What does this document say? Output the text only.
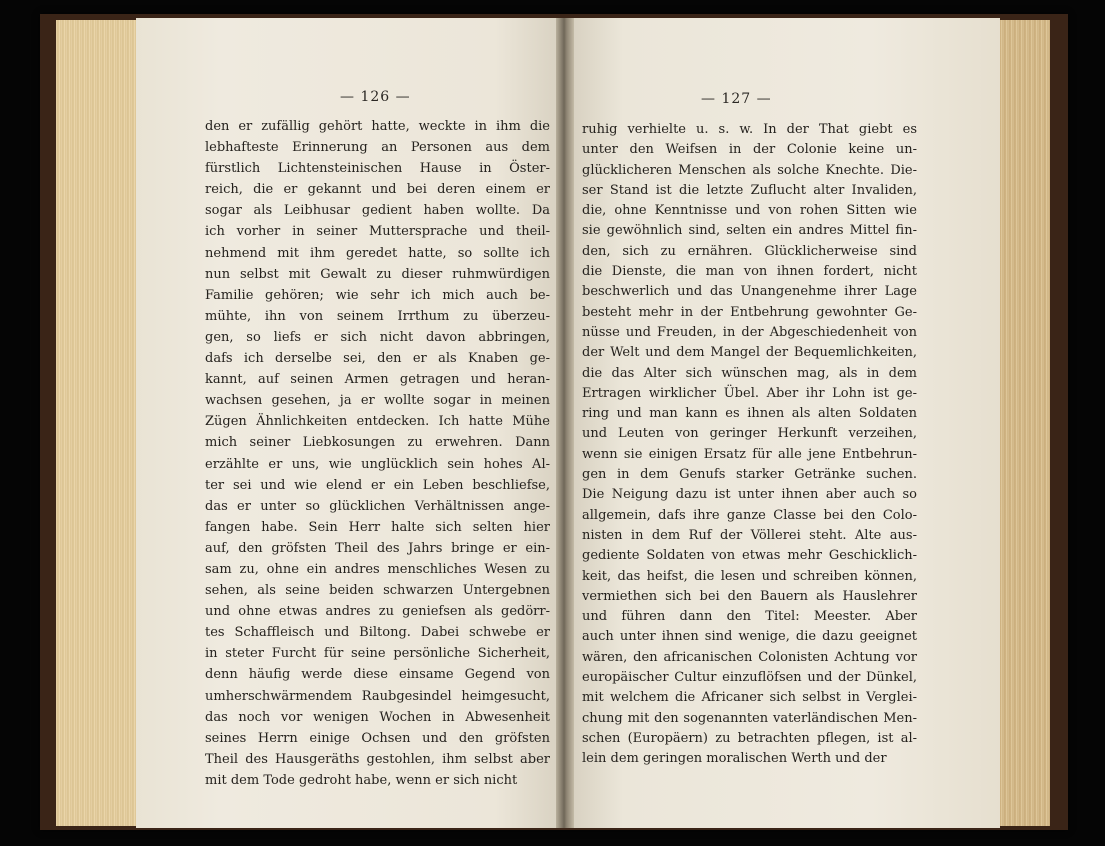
— 126 —	— 127 —
den er zufällig gehört hatte, weckte in ihm die
lebhafteste Erinnerung an Personen aus dem
fürstlich Lichtensteinischen Hause in Öster-
reich, die er gekannt und bei deren einem er
sogar als Leibhusar gedient haben wollte. Da
ich vorher in seiner Muttersprache und theil-
nehmend mit ihm geredet hatte, so sollte ich
nun selbst mit Gewalt zu dieser ruhmwürdigen
Familie gehören; wie sehr ich mich auch be-
mühte, ihn von seinem Irrthum zu überzeu-
gen, so liefs er sich nicht davon abbringen,
dafs ich derselbe sei, den er als Knaben ge-
kannt, auf seinen Armen getragen und heran-
wachsen gesehen, ja er wollte sogar in meinen
Zügen Ähnlichkeiten entdecken. Ich hatte Mühe
mich seiner Liebkosungen zu erwehren. Dann
erzählte er uns, wie unglücklich sein hohes Al-
ter sei und wie elend er ein Leben beschliefse,
das er unter so glücklichen Verhältnissen ange-
fangen habe. Sein Herr halte sich selten hier
auf, den gröfsten Theil des Jahrs bringe er ein-
sam zu, ohne ein andres menschliches Wesen zu
sehen, als seine beiden schwarzen Untergebnen
und ohne etwas andres zu geniefsen als gedörr-
tes Schaffleisch und Biltong. Dabei schwebe er
in steter Furcht für seine persönliche Sicherheit,
denn häufig werde diese einsame Gegend von
umherschwärmendem Raubgesindel heimgesucht,
das noch vor wenigen Wochen in Abwesenheit
seines Herrn einige Ochsen und den gröfsten
Theil des Hausgeräths gestohlen, ihm selbst aber
mit dem Tode gedroht habe, wenn er sich nicht
ruhig verhielte u. s. w. In der That giebt es
unter den Weifsen in der Colonie keine un-
glücklicheren Menschen als solche Knechte. Die-
ser Stand ist die letzte Zuflucht alter Invaliden,
die, ohne Kenntnisse und von rohen Sitten wie
sie gewöhnlich sind, selten ein andres Mittel fin-
den, sich zu ernähren. Glücklicherweise sind
die Dienste, die man von ihnen fordert, nicht
beschwerlich und das Unangenehme ihrer Lage
besteht mehr in der Entbehrung gewohnter Ge-
nüsse und Freuden, in der Abgeschiedenheit von
der Welt und dem Mangel der Bequemlichkeiten,
die das Alter sich wünschen mag, als in dem
Ertragen wirklicher Übel. Aber ihr Lohn ist ge-
ring und man kann es ihnen als alten Soldaten
und Leuten von geringer Herkunft verzeihen,
wenn sie einigen Ersatz für alle jene Entbehrun-
gen in dem Genufs starker Getränke suchen.
Die Neigung dazu ist unter ihnen aber auch so
allgemein, dafs ihre ganze Classe bei den Colo-
nisten in dem Ruf der Völlerei steht. Alte aus-
gediente Soldaten von etwas mehr Geschicklich-
keit, das heifst, die lesen und schreiben können,
vermiethen sich bei den Bauern als Hauslehrer
und führen dann den Titel: Meester. Aber
auch unter ihnen sind wenige, die dazu geeignet
wären, den africanischen Colonisten Achtung vor
europäischer Cultur einzuflöfsen und der Dünkel,
mit welchem die Africaner sich selbst in Verglei-
chung mit den sogenannten vaterländischen Men-
schen (Europäern) zu betrachten pflegen, ist al-
lein dem geringen moralischen Werth und der
